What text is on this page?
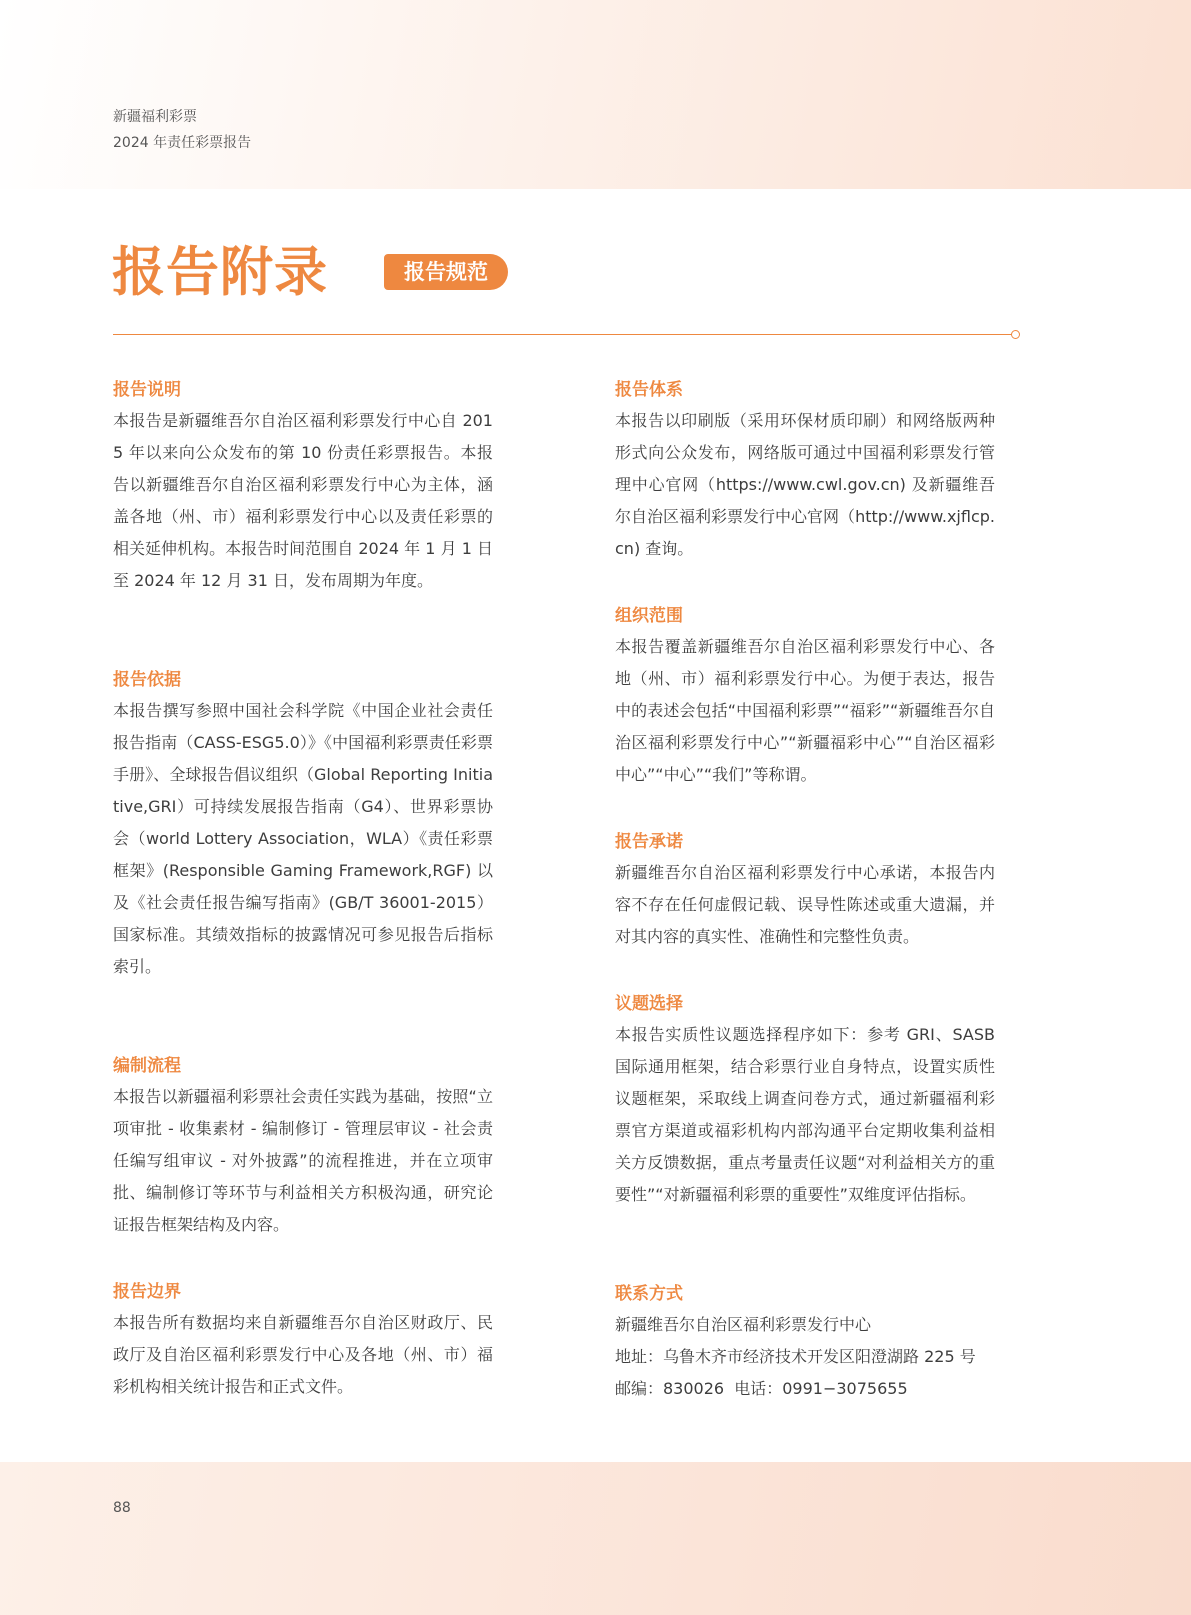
新疆福利彩票
2024 年责任彩票报告
报告附录	报告规范
报告说明

本报告是新疆维吾尔自治区福利彩票发行中心自 2015 年以来向公众发布的第 10 份责任彩票报告。本报告以新疆维吾尔自治区福利彩票发行中心为主体，涵盖各地（州、市）福利彩票发行中心以及责任彩票的相关延伸机构。本报告时间范围自 2024 年 1 月 1 日至 2024 年 12 月 31 日，发布周期为年度。

报告依据

本报告撰写参照中国社会科学院《中国企业社会责任报告指南（CASS-ESG5.0）》《中国福利彩票责任彩票手册》、全球报告倡议组织（Global Reporting Initiative,GRI）可持续发展报告指南（G4）、世界彩票协会（world Lottery Association，WLA）《责任彩票框架》(Responsible Gaming Framework,RGF) 以及《社会责任报告编写指南》(GB/T 36001-2015）国家标准。其绩效指标的披露情况可参见报告后指标索引。

编制流程

本报告以新疆福利彩票社会责任实践为基础，按照“立项审批 - 收集素材 - 编制修订 - 管理层审议 - 社会责任编写组审议 - 对外披露”的流程推进，并在立项审批、编制修订等环节与利益相关方积极沟通，研究论证报告框架结构及内容。

报告边界

本报告所有数据均来自新疆维吾尔自治区财政厅、民政厅及自治区福利彩票发行中心及各地（州、市）福彩机构相关统计报告和正式文件。

报告体系

本报告以印刷版（采用环保材质印刷）和网络版两种形式向公众发布，网络版可通过中国福利彩票发行管理中心官网（https://www.cwl.gov.cn) 及新疆维吾尔自治区福利彩票发行中心官网（http://www.xjflcp.cn) 查询。

组织范围

本报告覆盖新疆维吾尔自治区福利彩票发行中心、各地（州、市）福利彩票发行中心。为便于表达，报告中的表述会包括“中国福利彩票”“福彩”“新疆维吾尔自治区福利彩票发行中心”“新疆福彩中心”“自治区福彩中心”“中心”“我们”等称谓。

报告承诺

新疆维吾尔自治区福利彩票发行中心承诺，本报告内容不存在任何虚假记载、误导性陈述或重大遗漏，并对其内容的真实性、准确性和完整性负责。

议题选择

本报告实质性议题选择程序如下：参考 GRI、SASB 国际通用框架，结合彩票行业自身特点，设置实质性议题框架，采取线上调查问卷方式，通过新疆福利彩票官方渠道或福彩机构内部沟通平台定期收集利益相关方反馈数据，重点考量责任议题“对利益相关方的重要性”“对新疆福利彩票的重要性”双维度评估指标。

联系方式

新疆维吾尔自治区福利彩票发行中心

地址：乌鲁木齐市经济技术开发区阳澄湖路 225 号

邮编：830026  电话：0991−3075655

88
